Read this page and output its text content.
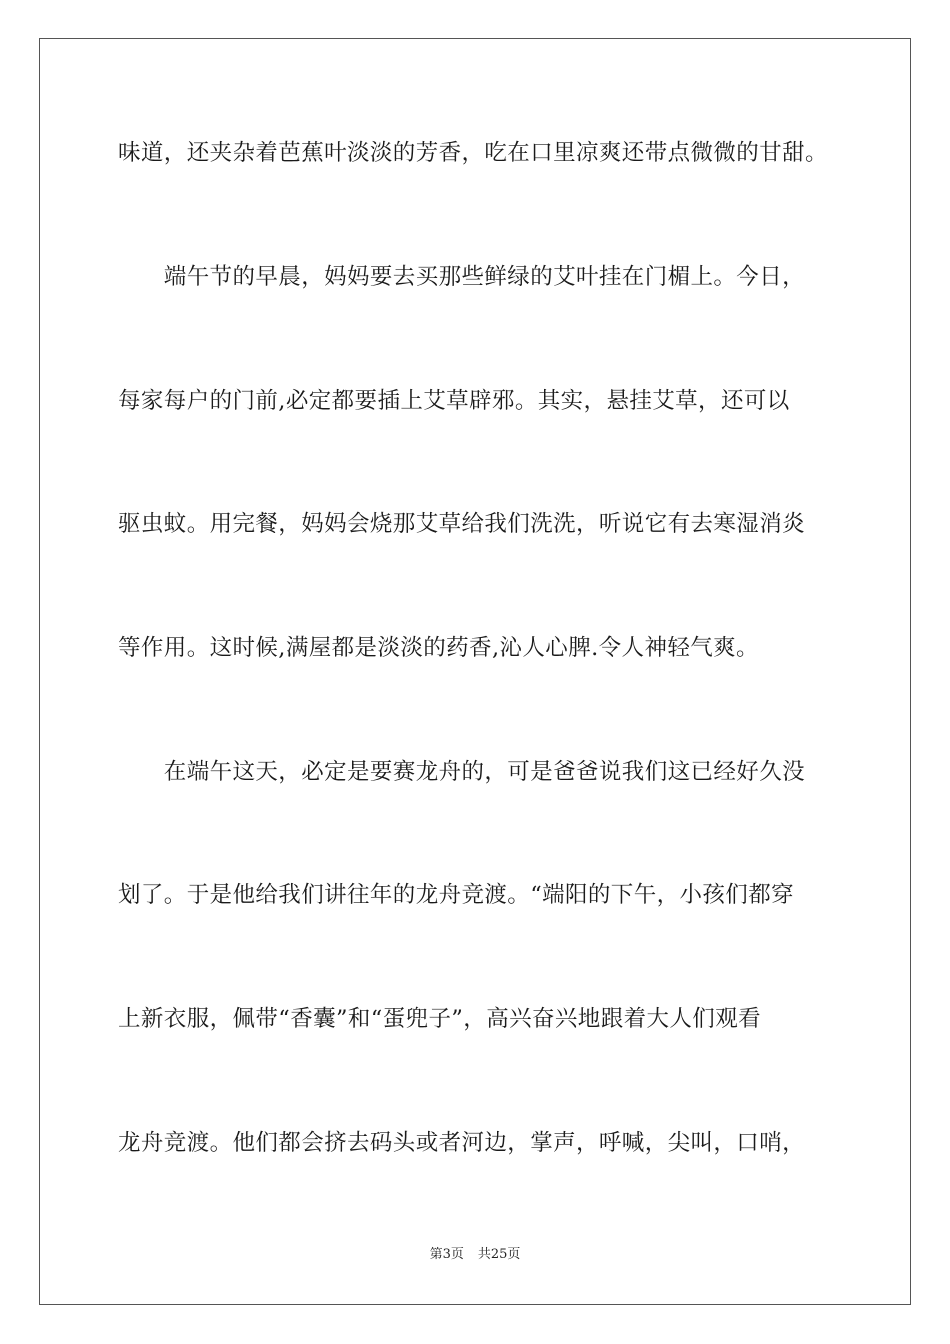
味道，还夹杂着芭蕉叶淡淡的芳香，吃在口里凉爽还带点微微的甘甜。
　　端午节的早晨，妈妈要去买那些鲜绿的艾叶挂在门楣上。今日，
每家每户的门前,必定都要插上艾草辟邪。其实，悬挂艾草，还可以
驱虫蚊。用完餐，妈妈会烧那艾草给我们洗洗，听说它有去寒湿消炎
等作用。这时候,满屋都是淡淡的药香,沁人心脾.令人神轻气爽。
　　在端午这天，必定是要赛龙舟的，可是爸爸说我们这已经好久没
划了。于是他给我们讲往年的龙舟竞渡。“端阳的下午，小孩们都穿
上新衣服，佩带“香囊”和“蛋兜子”，高兴奋兴地跟着大人们观看
龙舟竞渡。他们都会挤去码头或者河边，掌声，呼喊，尖叫，口哨，
第3页 共25页
